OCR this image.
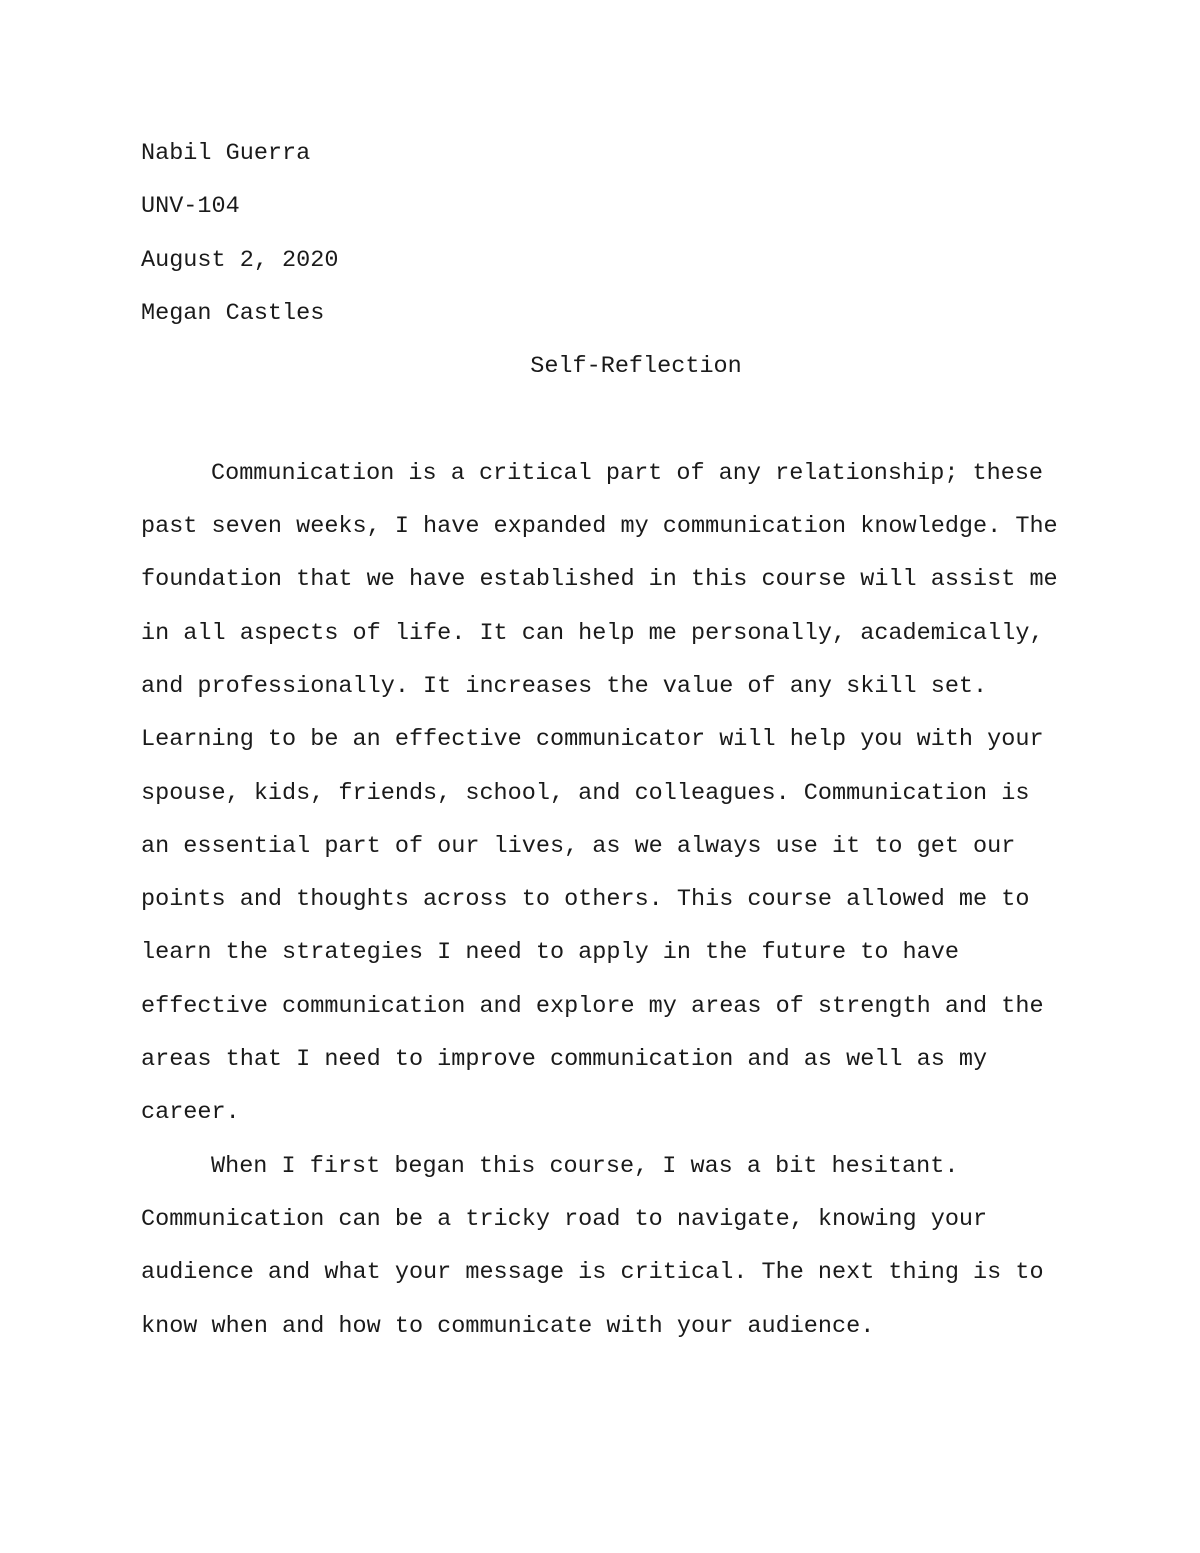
Nabil Guerra
UNV-104
August 2, 2020
Megan Castles
Self-Reflection
Communication is a critical part of any relationship; these
past seven weeks, I have expanded my communication knowledge. The
foundation that we have established in this course will assist me
in all aspects of life. It can help me personally, academically,
and professionally. It increases the value of any skill set.
Learning to be an effective communicator will help you with your
spouse, kids, friends, school, and colleagues. Communication is
an essential part of our lives, as we always use it to get our
points and thoughts across to others. This course allowed me to
learn the strategies I need to apply in the future to have
effective communication and explore my areas of strength and the
areas that I need to improve communication and as well as my
career.
When I first began this course, I was a bit hesitant.
Communication can be a tricky road to navigate, knowing your
audience and what your message is critical. The next thing is to
know when and how to communicate with your audience.
